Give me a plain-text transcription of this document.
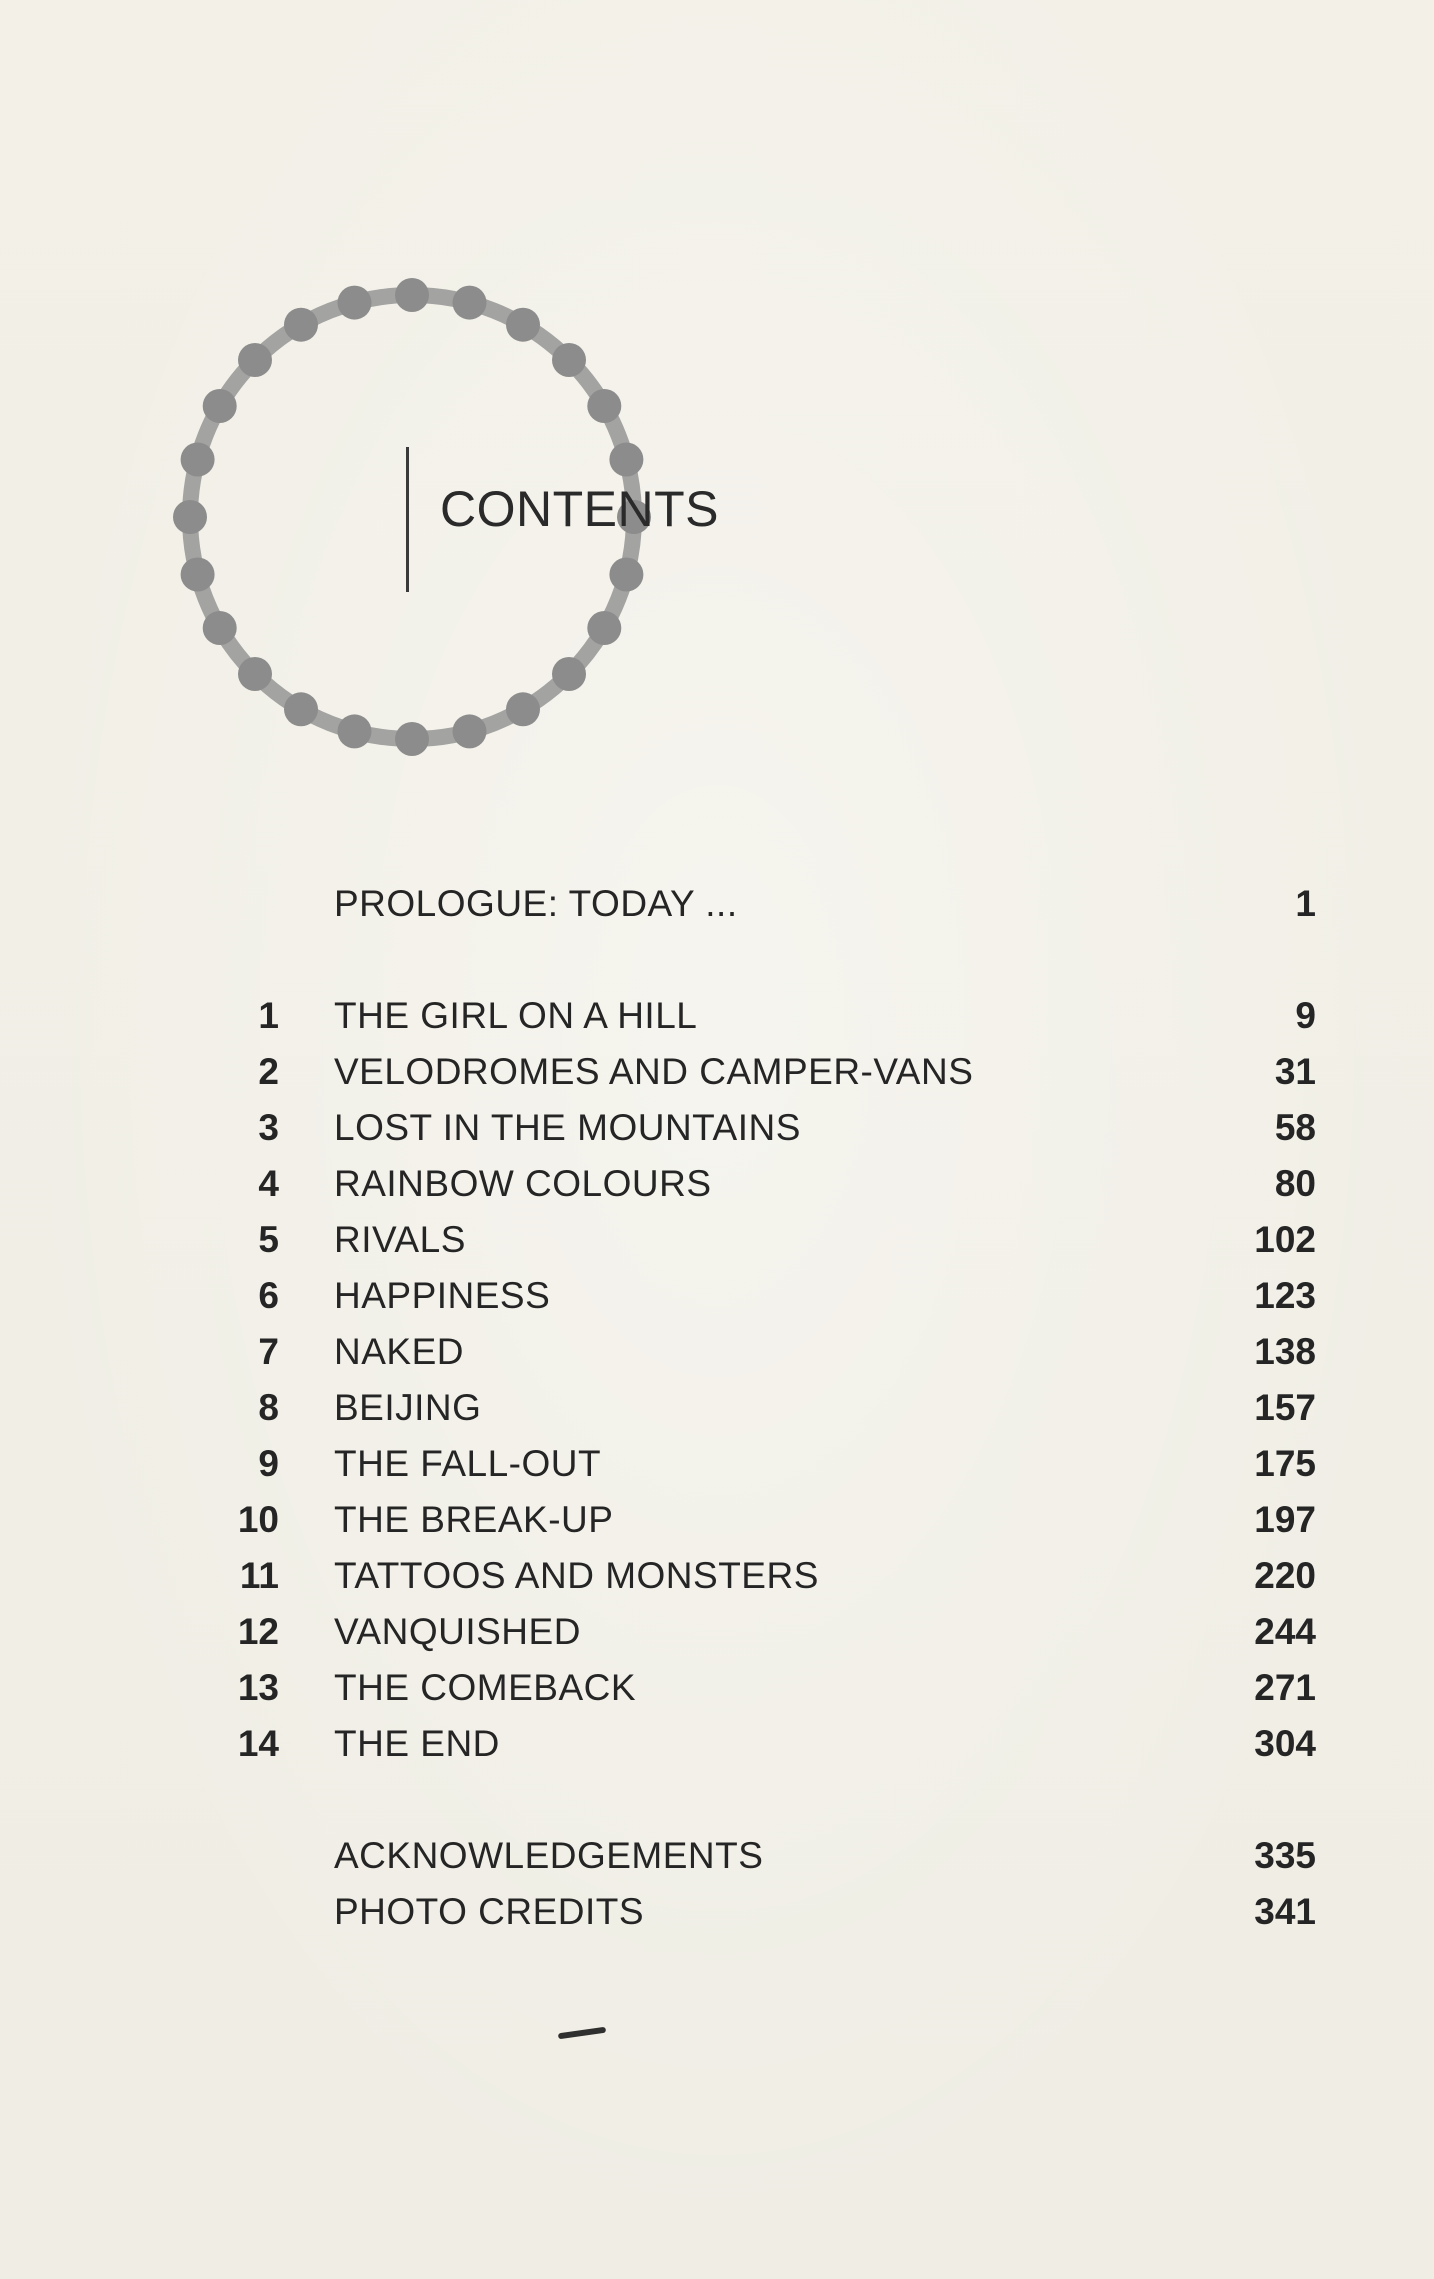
CONTENTS
PROLOGUE: TODAY ...	1
1 THE GIRL ON A HILL	9
2 VELODROMES AND CAMPER-VANS	31
3 LOST IN THE MOUNTAINS	58
4 RAINBOW COLOURS	80
5 RIVALS	102
6 HAPPINESS	123
7 NAKED	138
8 BEIJING	157
9 THE FALL-OUT	175
10 THE BREAK-UP	197
11 TATTOOS AND MONSTERS	220
12 VANQUISHED	244
13 THE COMEBACK	271
14 THE END	304
ACKNOWLEDGEMENTS	335
PHOTO CREDITS	341
